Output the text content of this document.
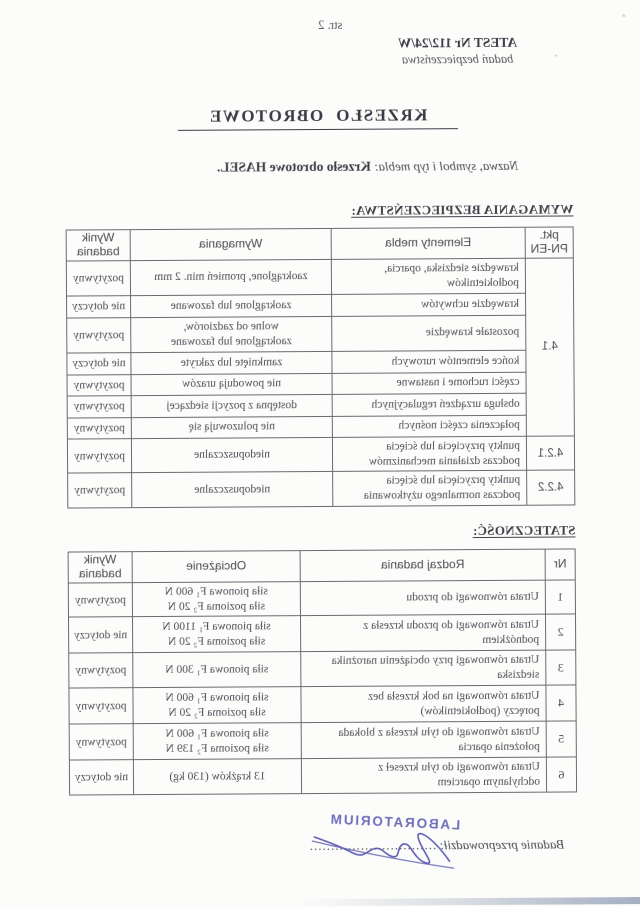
str. 2
ATEST Nr 112/24/W
badań bezpieczeństwa
KRZESŁO  OBROTOWE
Nazwa, symbol i typ mebla: Krzesło obrotowe HASEL.
WYMAGANIA BEZPIECZEŃSTWA:
pkt.
PN-EN	Elementy mebla	Wymagania	Wynik
badania
4.1	krawędzie siedziska, oparcia,
podłokietników	zaokrąglone, promień min. 2 mm	pozytywny
	krawędzie uchwytów	zaokrąglone lub fazowane	nie dotyczy
	pozostałe krawędzie	wolne od zadziorów,
zaokrąglone lub fazowane	pozytywny
	końce elementów rurowych	zamknięte lub zakryte	nie dotyczy
	części ruchome i nastawne	nie powodują urazów	pozytywny
	obsługa urządzeń regulacyjnych	dostępna z pozycji siedzącej	pozytywny
	połączenia części nośnych	nie poluzowują się	pozytywny
4.2.1	punkty przycięcia lub ścięcia
podczas działania mechanizmów	niedopuszczalne	pozytywny
4.2.2	punkty przycięcia lub ścięcia
podczas normalnego użytkowania	niedopuszczalne	pozytywny
STATECZNOŚĆ:
Nr	Rodzaj badania	Obciążenie	Wynik
badania
1	Utrata równowagi do przodu	siła pionowa F₁ 600 N
siła pozioma F₂ 20 N	pozytywny
2	Utrata równowagi do przodu krzesła z
podnóżkiem	siła pionowa F₁ 1100 N
siła pozioma F₂ 20 N	nie dotyczy
3	Utrata równowagi przy obciążeniu narożnika
siedziska	siła pionowa F₁ 300 N	pozytywny
4	Utrata równowagi na bok krzesła bez
poręczy (podłokietników)	siła pionowa F₁ 600 N
siła pozioma F₂ 20 N	pozytywny
5	Utrata równowagi do tyłu krzesła z blokada
położenia oparcia	siła pionowa F₁ 600 N
siła pozioma F₂ 139 N	pozytywny
6	Utrata równowagi do tyłu krzeseł z
odchylanym oparciem	13 krążków (130 kg)	nie dotyczy
LABORATORIUM
Badanie przeprowadził: ..............................
